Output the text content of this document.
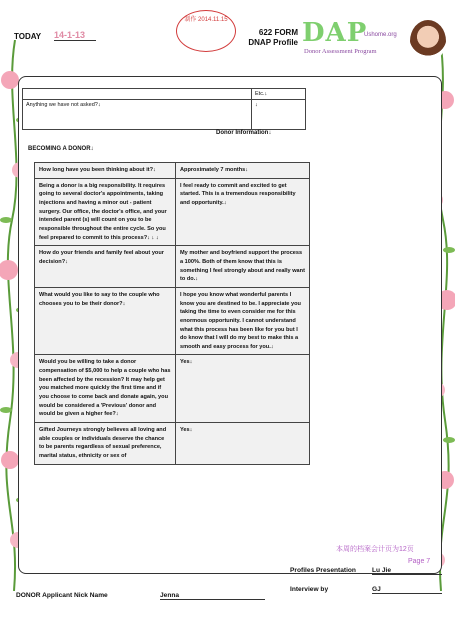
TODAY 14-1-13
制作 2014.11.15
622 FORM
DNAP Profile DAP
Ushome.org
Donor Assessment Program
	Etc.↓
Anything we have not asked?↓	↓
Donor Information↓
BECOMING A DONOR↓
How long have you been thinking about it?↓	Approximately 7 months↓
Being a donor is a big responsibility. It requires going to several doctor's appointments, taking injections and having a minor out - patient surgery. Our office, the doctor's office, and your intended parent (s) will count on you to be responsible throughout the entire cycle. So you feel prepared to commit to this process?↓ ↓ ↓	I feel ready to commit and excited to get started. This is a tremendous responsibility and opportunity.↓
How do your friends and family feel about your decision?↓	My mother and boyfriend support the process a 100%. Both of them know that this is something I feel strongly about and really want to do.↓
What would you like to say to the couple who chooses you to be their donor?↓	I hope you know what wonderful parents I know you are destined to be. I appreciate you taking the time to even consider me for this enormous opportunity. I cannot understand what this process has been like for you but I do know that I will do my best to make this a smooth and easy process for you.↓
Would you be willing to take a donor compensation of $5,000 to help a couple who has been affected by the recession? It may help get you matched more quickly the first time and if you choose to come back and donate again, you would be considered a 'Previous' donor and would be given a higher fee?↓	Yes↓
Gifted Journeys strongly believes all loving and able couples or individuals deserve the chance to be parents regardless of sexual preference, marital status, ethnicity or sex of	Yes↓
本周的档案会计页为12页
Page 7
Profiles Presentation Lu Jie
Interview by	GJ
DONOR Applicant Nick Name	Jenna
